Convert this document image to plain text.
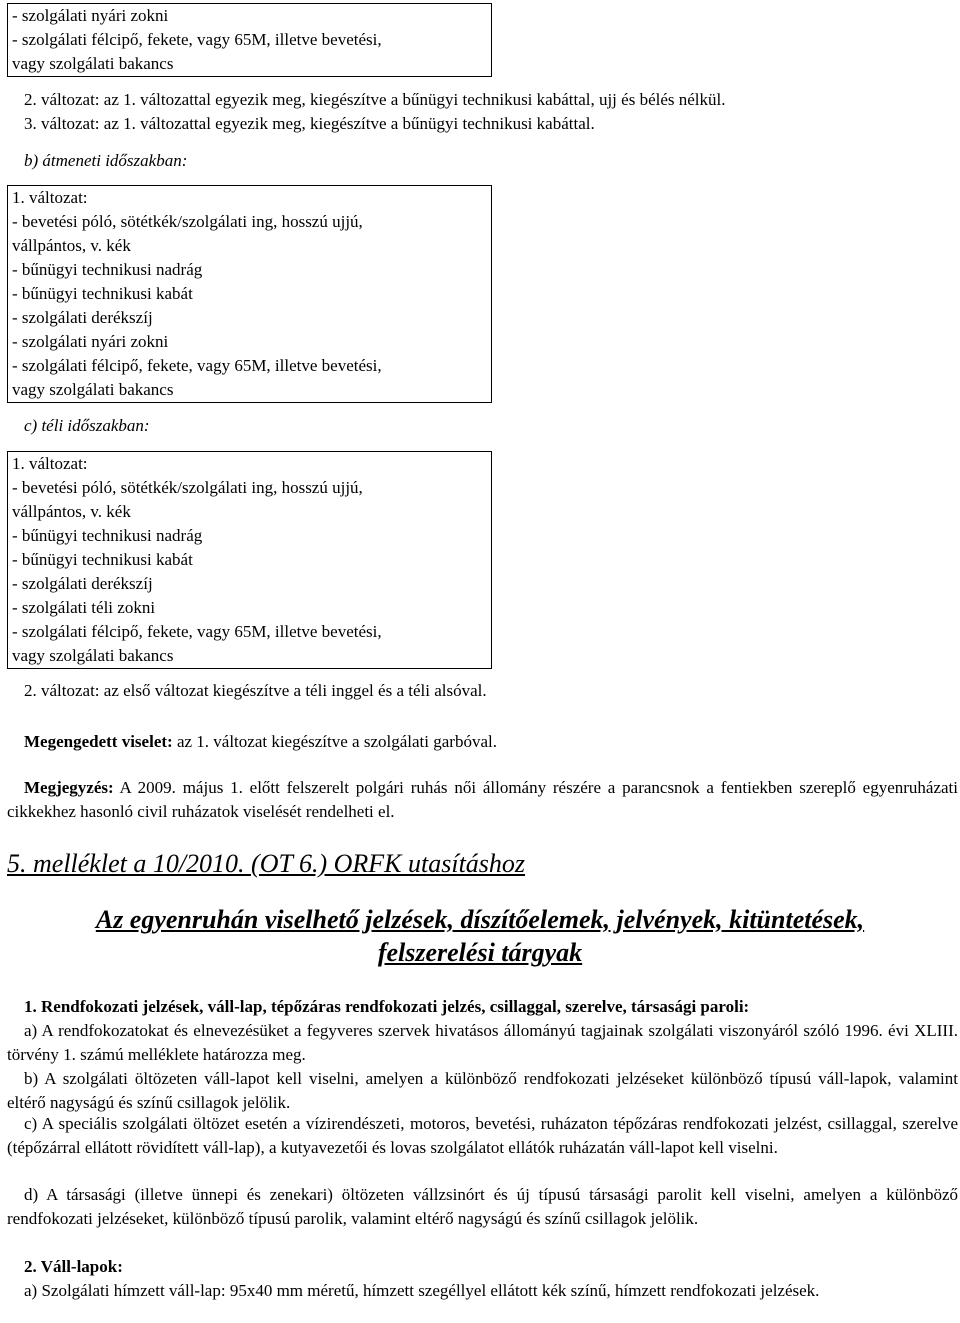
- szolgálati nyári zokni
- szolgálati félcipő, fekete, vagy 65M, illetve bevetési,
vagy szolgálati bakancs
2. változat: az 1. változattal egyezik meg, kiegészítve a bűnügyi technikusi kabáttal, ujj és bélés nélkül.
3. változat: az 1. változattal egyezik meg, kiegészítve a bűnügyi technikusi kabáttal.
b) átmeneti időszakban:
1. változat:
- bevetési póló, sötétkék/szolgálati ing, hosszú ujjú,
vállpántos, v. kék
- bűnügyi technikusi nadrág
- bűnügyi technikusi kabát
- szolgálati derékszíj
- szolgálati nyári zokni
- szolgálati félcipő, fekete, vagy 65M, illetve bevetési,
vagy szolgálati bakancs
c) téli időszakban:
1. változat:
- bevetési póló, sötétkék/szolgálati ing, hosszú ujjú,
vállpántos, v. kék
- bűnügyi technikusi nadrág
- bűnügyi technikusi kabát
- szolgálati derékszíj
- szolgálati téli zokni
- szolgálati félcipő, fekete, vagy 65M, illetve bevetési,
vagy szolgálati bakancs
2. változat: az első változat kiegészítve a téli inggel és a téli alsóval.
Megengedett viselet: az 1. változat kiegészítve a szolgálati garbóval.
Megjegyzés: A 2009. május 1. előtt felszerelt polgári ruhás női állomány részére a parancsnok a fentiekben szereplő egyenruházati cikkekhez hasonló civil ruházatok viselését rendelheti el.
5. melléklet a 10/2010. (OT 6.) ORFK utasításhoz
Az egyenruhán viselhető jelzések, díszítőelemek, jelvények, kitüntetések,
felszerelési tárgyak
1. Rendfokozati jelzések, váll-lap, tépőzáras rendfokozati jelzés, csillaggal, szerelve, társasági paroli:
a) A rendfokozatokat és elnevezésüket a fegyveres szervek hivatásos állományú tagjainak szolgálati viszonyáról szóló 1996. évi XLIII. törvény 1. számú melléklete határozza meg.
b) A szolgálati öltözeten váll-lapot kell viselni, amelyen a különböző rendfokozati jelzéseket különböző típusú váll-lapok, valamint eltérő nagyságú és színű csillagok jelölik.
c) A speciális szolgálati öltözet esetén a vízirendészeti, motoros, bevetési, ruházaton tépőzáras rendfokozati jelzést, csillaggal, szerelve (tépőzárral ellátott rövidített váll-lap), a kutyavezetői és lovas szolgálatot ellátók ruházatán váll-lapot kell viselni.
d) A társasági (illetve ünnepi és zenekari) öltözeten vállzsinórt és új típusú társasági parolit kell viselni, amelyen a különböző rendfokozati jelzéseket, különböző típusú parolik, valamint eltérő nagyságú és színű csillagok jelölik.
2. Váll-lapok:
a) Szolgálati hímzett váll-lap: 95x40 mm méretű, hímzett szegéllyel ellátott kék színű, hímzett rendfokozati jelzések.
